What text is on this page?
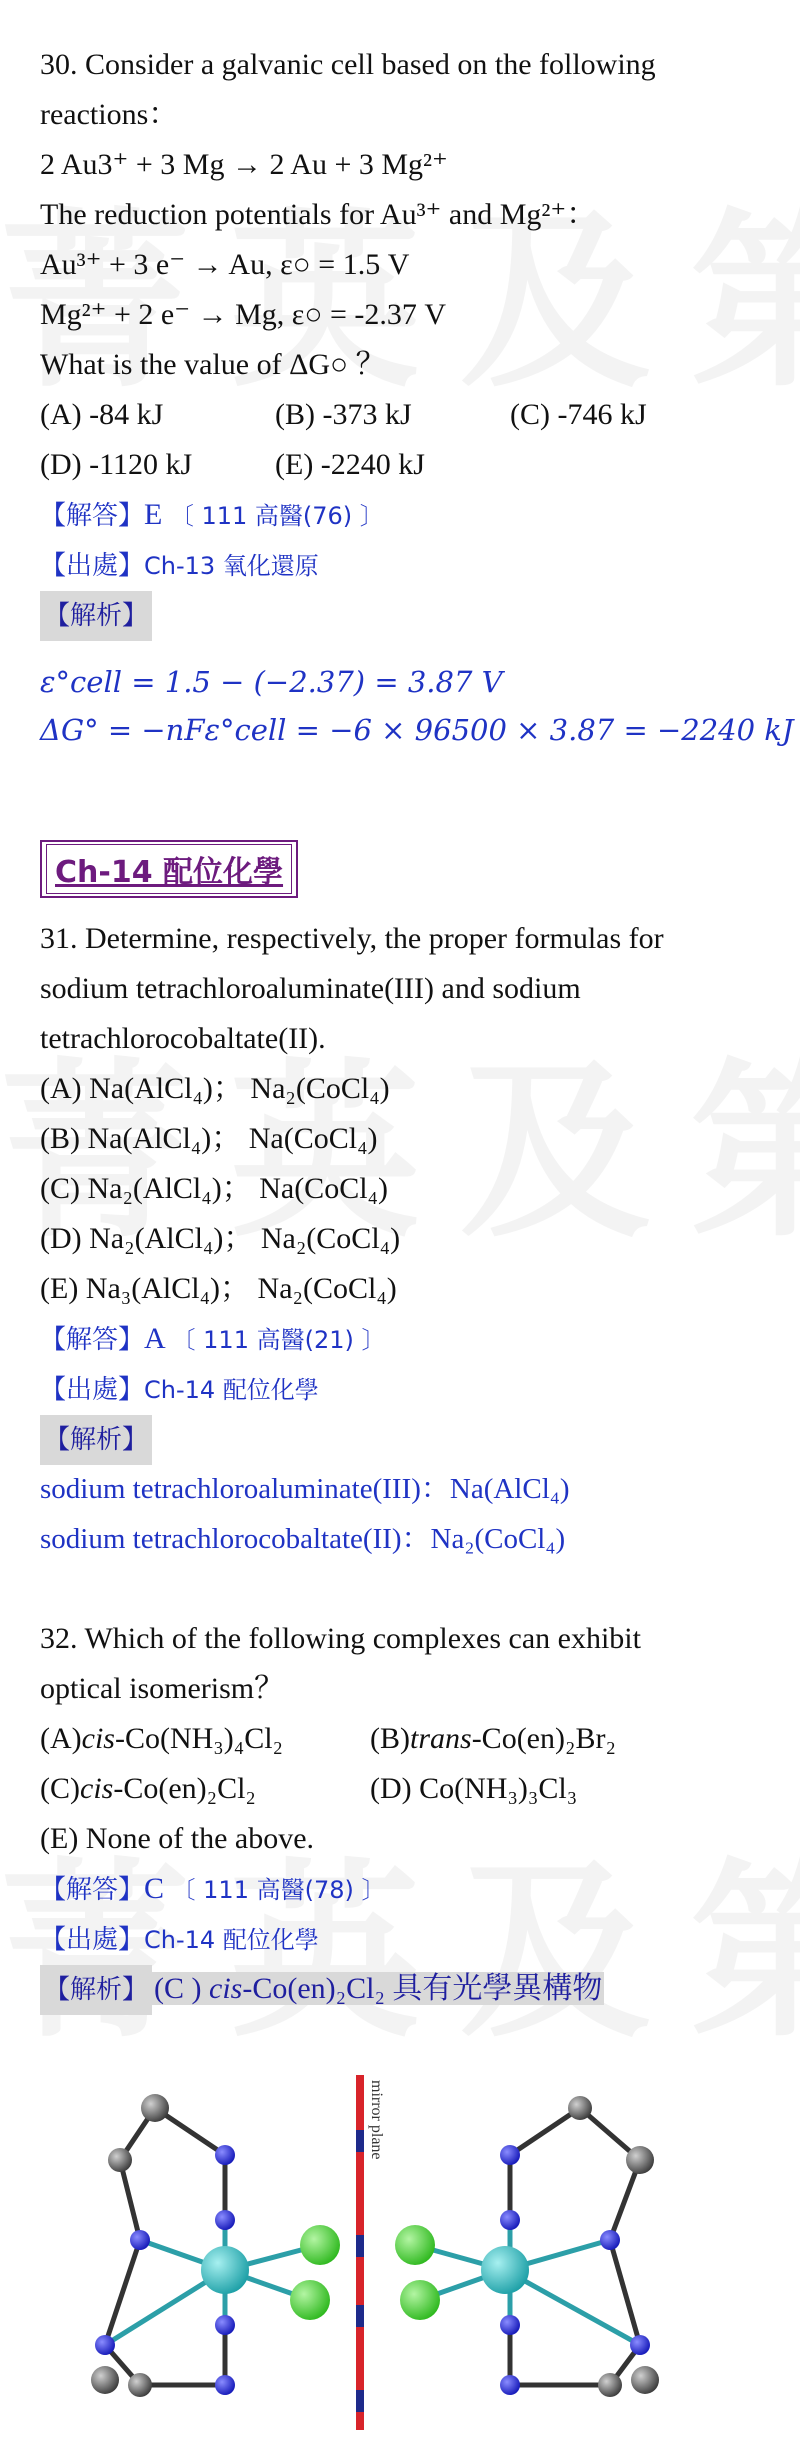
30. Consider a galvanic cell based on the following
reactions：
2 Au3⁺ + 3 Mg → 2 Au + 3 Mg²⁺
The reduction potentials for Au³⁺ and Mg²⁺：
Au³⁺ + 3 e⁻ → Au, ε○ = 1.5 V
Mg²⁺ + 2 e⁻ → Mg, ε○ = -2.37 V
What is the value of ΔG○ ？
(A) -84 kJ	(B) -373 kJ	(C) -746 kJ
(D) -1120 kJ	(E) -2240 kJ
【解答】E 〔 111 高醫(76) 〕
【出處】Ch-13 氧化還原
【解析】
ε°cell = 1.5 − (−2.37) = 3.87 V
ΔG° = −nFε°cell = −6 × 96500 × 3.87 = −2240 kJ
Ch-14 配位化學
31. Determine, respectively, the proper formulas for
sodium tetrachloroaluminate(III) and sodium
tetrachlorocobaltate(II).
(A) Na(AlCl₄)； Na₂(CoCl₄)
(B) Na(AlCl₄)； Na(CoCl₄)
(C) Na₂(AlCl₄)； Na(CoCl₄)
(D) Na₂(AlCl₄)； Na₂(CoCl₄)
(E) Na₃(AlCl₄)； Na₂(CoCl₄)
【解答】A 〔 111 高醫(21) 〕
【出處】Ch-14 配位化學
【解析】
sodium tetrachloroaluminate(III)：Na(AlCl₄)
sodium tetrachlorocobaltate(II)：Na₂(CoCl₄)
32. Which of the following complexes can exhibit
optical isomerism？
(A)cis-Co(NH₃)₄Cl₂	(B)trans-Co(en)₂Br₂
(C)cis-Co(en)₂Cl₂	(D) Co(NH₃)₃Cl₃
(E) None of the above.
【解答】C 〔 111 高醫(78) 〕
【出處】Ch-14 配位化學
【解析】 (C ) cis-Co(en)₂Cl₂ 具有光學異構物
mirror plane
